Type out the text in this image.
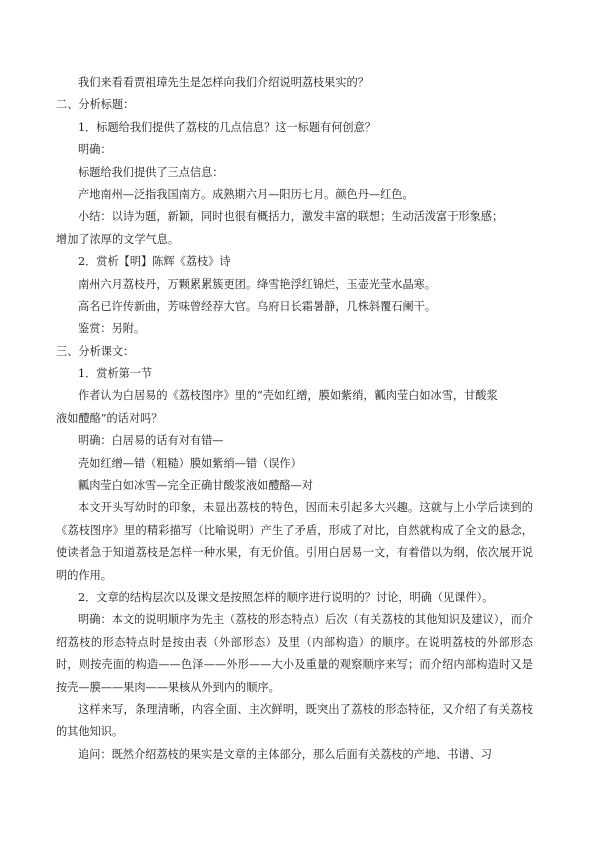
我们来看看贾祖璋先生是怎样向我们介绍说明荔枝果实的？
二、分析标题：
1．标题给我们提供了荔枝的几点信息？这一标题有何创意？
明确：
标题给我们提供了三点信息：
产地南州—泛指我国南方。成熟期六月—阳历七月。颜色丹—红色。
小结：以诗为题，新颖，同时也很有概括力，激发丰富的联想；生动活泼富于形象感；
增加了浓厚的文学气息。
2．赏析【明】陈辉《荔枝》诗
南州六月荔枝丹，万颗累累簇更团。绛雪艳浮红锦烂，玉壶光莹水晶寒。
高名已许传新曲，芳味曾经荐大官。乌府日长霜暑静，几株斜覆石阑干。
鉴赏：另附。
三、分析课文：
1．赏析第一节
作者认为白居易的《荔枝图序》里的“壳如红缯，膜如紫绡，瓤肉莹白如冰雪，甘酸浆
液如醴酪”的话对吗？
明确：白居易的话有对有错—
壳如红缯—错（粗糙）膜如紫绡—错（误作）
瓤肉莹白如冰雪—完全正确甘酸浆液如醴酪—对
本文开头写幼时的印象，未显出荔枝的特色，因而未引起多大兴趣。这就与上小学后读到的《荔枝图序》里的精彩描写（比喻说明）产生了矛盾，形成了对比，自然就构成了全文的悬念，使读者急于知道荔枝是怎样一种水果，有无价值。引用白居易一文，有着借以为纲，依次展开说明的作用。
2．文章的结构层次以及课文是按照怎样的顺序进行说明的？讨论，明确（见课件）。
明确：本文的说明顺序为先主（荔枝的形态特点）后次（有关荔枝的其他知识及建议），而介绍荔枝的形态特点时是按由表（外部形态）及里（内部构造）的顺序。在说明荔枝的外部形态时，则按壳面的构造——色泽——外形——大小及重量的观察顺序来写；而介绍内部构造时又是按壳—膜——果肉——果核从外到内的顺序。
这样来写，条理清晰，内容全面、主次鲜明，既突出了荔枝的形态特征，又介绍了有关荔枝的其他知识。
追问：既然介绍荔枝的果实是文章的主体部分，那么后面有关荔枝的产地、书谱、习
